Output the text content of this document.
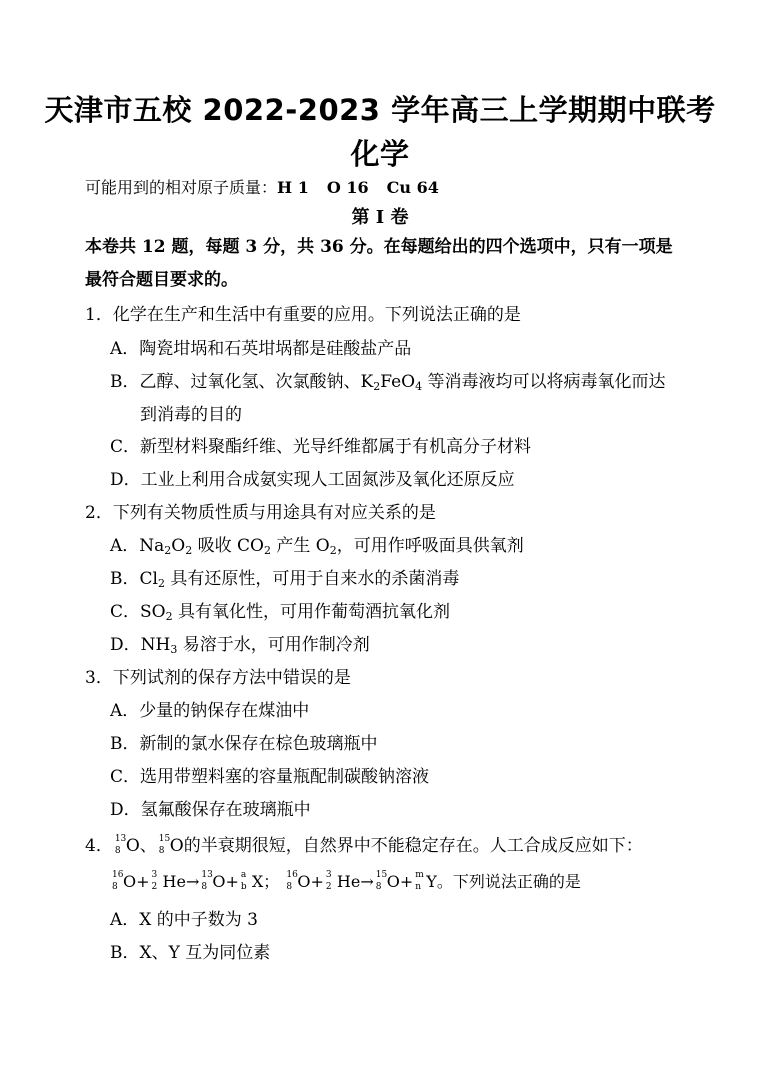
天津市五校 2022-2023 学年高三上学期期中联考
化学
可能用到的相对原子质量：H 1 O 16 Cu 64
第 Ⅰ 卷
本卷共 12 题，每题 3 分，共 36 分。在每题给出的四个选项中，只有一项是最符合题目要求的。
1．化学在生产和生活中有重要的应用。下列说法正确的是
A．陶瓷坩埚和石英坩埚都是硅酸盐产品
B．乙醇、过氧化氢、次氯酸钠、$K_2FeO_4$ 等消毒液均可以将病毒氧化而达
到消毒的目的
C．新型材料聚酯纤维、光导纤维都属于有机高分子材料
D．工业上利用合成氨实现人工固氮涉及氧化还原反应
2．下列有关物质性质与用途具有对应关系的是
A．$Na_2O_2$ 吸收 $CO_2$ 产生 $O_2$，可用作呼吸面具供氧剂
B．$Cl_2$ 具有还原性，可用于自来水的杀菌消毒
C．$SO_2$ 具有氧化性，可用作葡萄酒抗氧化剂
D．$NH_3$ 易溶于水，可用作制冷剂
3．下列试剂的保存方法中错误的是
A．少量的钠保存在煤油中
B．新制的氯水保存在棕色玻璃瓶中
C．选用带塑料塞的容量瓶配制碳酸钠溶液
D．氢氟酸保存在玻璃瓶中
4． 13
8 O、 15
8 O的半衰期很短，自然界中不能稳定存在。人工合成反应如下：
16
8 O+ 3
2 He→ 13
8 O+ a
b X； 16
8 O+ 3
2 He→ 15
8 O+ m
n Y。下列说法正确的是
A．X 的中子数为 3
B．X、Y 互为同位素
